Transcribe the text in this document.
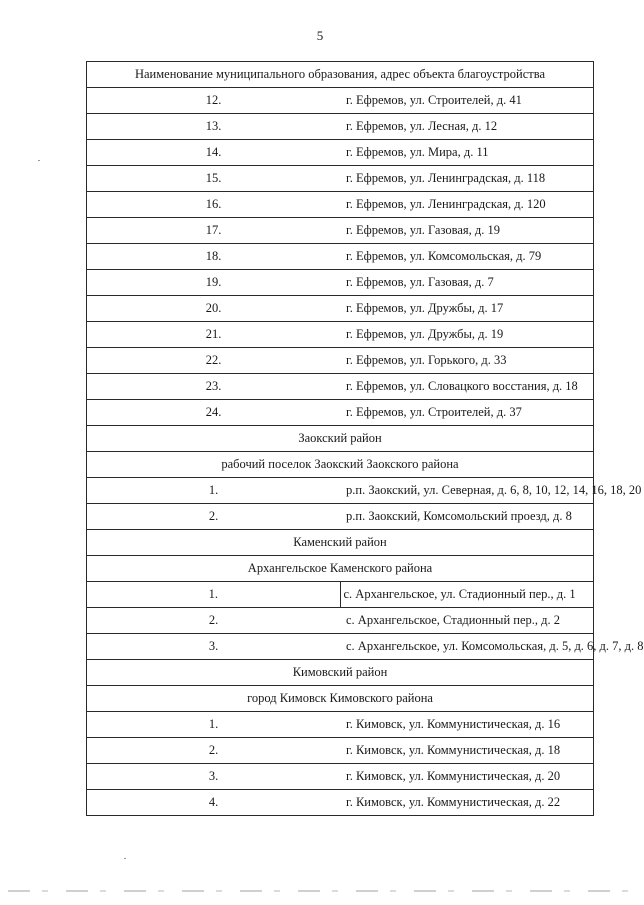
5
Наименование муниципального образования, адрес объекта благоустройства	
12.	г. Ефремов, ул. Строителей, д. 41
13.	г. Ефремов, ул. Лесная, д. 12
14.	г. Ефремов, ул. Мира, д. 11
15.	г. Ефремов, ул. Ленинградская, д. 118
16.	г. Ефремов, ул. Ленинградская, д. 120
17.	г. Ефремов, ул. Газовая, д. 19
18.	г. Ефремов, ул. Комсомольская, д. 79
19.	г. Ефремов, ул. Газовая, д. 7
20.	г. Ефремов, ул. Дружбы, д. 17
21.	г. Ефремов, ул. Дружбы, д. 19
22.	г. Ефремов, ул. Горького, д. 33
23.	г. Ефремов, ул. Словацкого восстания, д. 18
24.	г. Ефремов, ул. Строителей, д. 37
Заокский район	
рабочий поселок Заокский Заокского района	
1.	р.п. Заокский, ул. Северная, д. 6, 8, 10, 12, 14, 16, 18, 20
2.	р.п. Заокский, Комсомольский проезд, д. 8
Каменский район	
Архангельское Каменского района	
1.	с. Архангельское, ул. Стадионный пер., д. 1
2.	с. Архангельское, Стадионный пер., д. 2
3.	с. Архангельское, ул. Комсомольская, д. 5, д. 6, д. 7, д. 8
Кимовский район	
город Кимовск Кимовского района	
1.	г. Кимовск, ул. Коммунистическая, д. 16
2.	г. Кимовск, ул. Коммунистическая, д. 18
3.	г. Кимовск, ул. Коммунистическая, д. 20
4.	г. Кимовск, ул. Коммунистическая, д. 22
